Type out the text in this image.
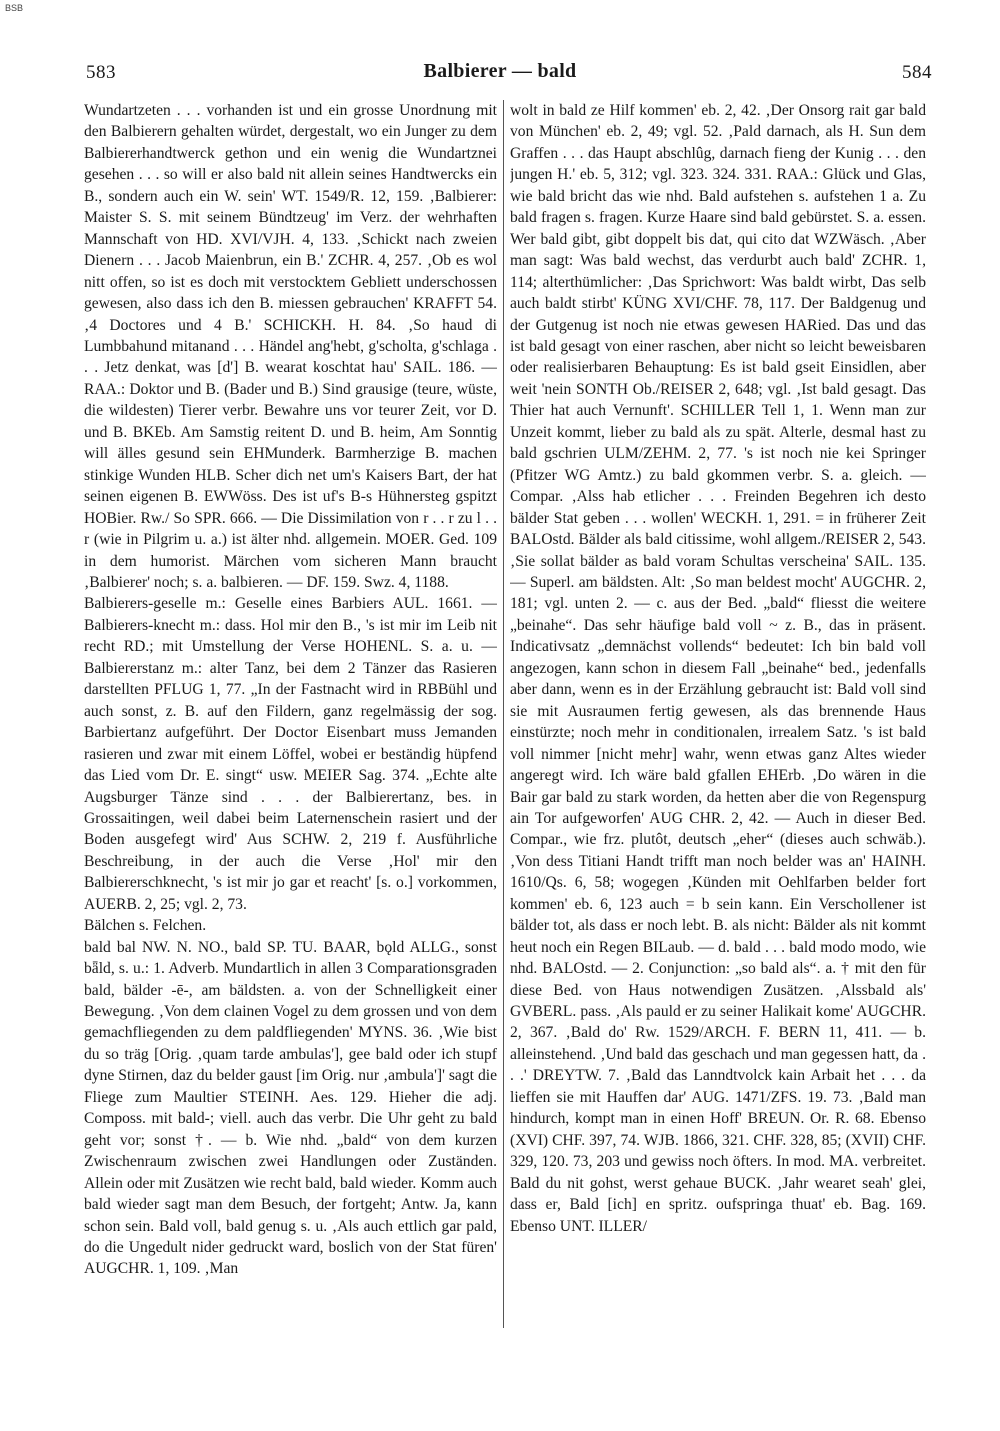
BSB
583	Balbierer — bald	584

Wundartzeten . . . vorhanden ist und ein grosse Unordnung mit den Balbierern gehalten würdet, dergestalt, wo ein Junger zu dem Balbiererhandtwerck gethon und ein wenig die Wundartznei gesehen . . . so will er also bald nit allein seines Handtwercks ein B., sondern auch ein W. sein' WT. 1549/R. 12, 159. ‚Balbierer: Maister S. S. mit seinem Bündtzeug' im Verz. der wehrhaften Mannschaft von HD. XVI/VJH. 4, 133. ‚Schickt nach zweien Dienern . . . Jacob Maienbrun, ein B.' ZCHR. 4, 257. ‚Ob es wol nitt offen, so ist es doch mit verstocktem Gebliett underschossen gewesen, also dass ich den B. miessen gebrauchen' KRAFFT 54. ‚4 Doctores und 4 B.' SCHICKH. H. 84. ‚So haud di Lumbbahund mitanand . . . Händel ang'hebt, g'scholta, g'schlaga . . . Jetz denkat, was [d'] B. wearat koschtat hau' SAIL. 186. — RAA.: Doktor und B. (Bader und B.) Sind grausige (teure, wüste, die wildesten) Tierer verbr. Bewahre uns vor teurer Zeit, vor D. und B. BKEb. Am Samstig reitent D. und B. heim, Am Sonntig will älles gesund sein EHMunderk. Barmherzige B. machen stinkige Wunden HLB. Scher dich net um's Kaisers Bart, der hat seinen eigenen B. EWWöss. Des ist uf's B-s Hühnersteg gspitzt HOBier. Rw./ So SPR. 666. — Die Dissimilation von r . . r zu l . . r (wie in Pilgrim u. a.) ist älter nhd. allgemein. MOER. Ged. 109 in dem humorist. Märchen vom sicheren Mann braucht ‚Balbierer' noch; s. a. balbieren. — DF. 159. Swz. 4, 1188.

Balbierers-geselle m.: Geselle eines Barbiers AUL. 1661. — Balbierers-knecht m.: dass. Hol mir den B., 's ist mir im Leib nit recht RD.; mit Umstellung der Verse HOHENL. S. a. u. — Balbiererstanz m.: alter Tanz, bei dem 2 Tänzer das Rasieren darstellten PFLUG 1, 77. „In der Fastnacht wird in RBBühl und auch sonst, z. B. auf den Fildern, ganz regelmässig der sog. Barbiertanz aufgeführt. Der Doctor Eisenbart muss Jemanden rasieren und zwar mit einem Löffel, wobei er beständig hüpfend das Lied vom Dr. E. singt“ usw. MEIER Sag. 374. „Echte alte Augsburger Tänze sind . . . der Balbierertanz, bes. in Grossaitingen, weil dabei beim Laternenschein rasiert und der Boden ausgefegt wird' Aus SCHW. 2, 219 f. Ausführliche Beschreibung, in der auch die Verse ‚Hol' mir den Balbiererschknecht, 's ist mir jo gar et reacht' [s. o.] vorkommen, AUERB. 2, 25; vgl. 2, 73.

Bälchen s. Felchen.

bald bal NW. N. NO., bald SP. TU. BAAR, bǫld ALLG., sonst bǟld, s. u.: 1. Adverb. Mundartlich in allen 3 Comparationsgraden bald, bälder -ē-, am bäldsten. a. von der Schnelligkeit einer Bewegung. ‚Von dem clainen Vogel zu dem grossen und von dem gemachfliegenden zu dem paldfliegenden' MYNS. 36. ‚Wie bist du so träg [Orig. ‚quam tarde ambulas'], gee bald oder ich stupf dyne Stirnen, daz du belder gaust [im Orig. nur ‚ambula']' sagt die Fliege zum Maultier STEINH. Aes. 129. Hieher die adj. Composs. mit bald-; viell. auch das verbr. Die Uhr geht zu bald geht vor; sonst †. — b. Wie nhd. „bald“ von dem kurzen Zwischenraum zwischen zwei Handlungen oder Zuständen. Allein oder mit Zusätzen wie recht bald, bald wieder. Komm auch bald wieder sagt man dem Besuch, der fortgeht; Antw. Ja, kann schon sein. Bald voll, bald genug s. u. ‚Als auch ettlich gar pald, do die Ungedult nider gedruckt ward, boslich von der Stat füren' AUGCHR. 1, 109. ‚Man

wolt in bald ze Hilf kommen' eb. 2, 42. ‚Der Onsorg rait gar bald von München' eb. 2, 49; vgl. 52. ‚Pald darnach, als H. Sun dem Graffen . . . das Haupt abschlûg, darnach fieng der Kunig . . . den jungen H.' eb. 5, 312; vgl. 323. 324. 331. RAA.: Glück und Glas, wie bald bricht das wie nhd. Bald aufstehen s. aufstehen 1 a. Zu bald fragen s. fragen. Kurze Haare sind bald gebürstet. S. a. essen. Wer bald gibt, gibt doppelt bis dat, qui cito dat WZWäsch. ‚Aber man sagt: Was bald wechst, das verdurbt auch bald' ZCHR. 1, 114; alterthümlicher: ‚Das Sprichwort: Was baldt wirbt, Das selb auch baldt stirbt' KÜNG XVI/CHF. 78, 117. Der Baldgenug und der Gutgenug ist noch nie etwas gewesen HARied. Das und das ist bald gesagt von einer raschen, aber nicht so leicht beweisbaren oder realisierbaren Behauptung: Es ist bald gseit Einsidlen, aber weit 'nein SONTH Ob./REISER 2, 648; vgl. ‚Ist bald gesagt. Das Thier hat auch Vernunft'. SCHILLER Tell 1, 1. Wenn man zur Unzeit kommt, lieber zu bald als zu spät. Alterle, desmal hast zu bald gschrien ULM/ZEHM. 2, 77. 's ist noch nie kei Springer (Pfitzer WG Amtz.) zu bald gkommen verbr. S. a. gleich. — Compar. ‚Alss hab etlicher . . . Freinden Begehren ich desto bälder Stat geben . . . wollen' WECKH. 1, 291. = in früherer Zeit BALOstd. Bälder als bald citissime, wohl allgem./REISER 2, 543. ‚Sie sollat bälder as bald voram Schultas verscheina' SAIL. 135. — Superl. am bäldsten. Alt: ‚So man beldest mocht' AUGCHR. 2, 181; vgl. unten 2. — c. aus der Bed. „bald“ fliesst die weitere „beinahe“. Das sehr häufige bald voll ~ z. B., das in präsent. Indicativsatz „demnächst vollends“ bedeutet: Ich bin bald voll angezogen, kann schon in diesem Fall „beinahe“ bed., jedenfalls aber dann, wenn es in der Erzählung gebraucht ist: Bald voll sind sie mit Ausraumen fertig gewesen, als das brennende Haus einstürzte; noch mehr in conditionalen, irrealem Satz. 's ist bald voll nimmer [nicht mehr] wahr, wenn etwas ganz Altes wieder angeregt wird. Ich wäre bald gfallen EHErb. ‚Do wären in die Bair gar bald zu stark worden, da hetten aber die von Regenspurg ain Tor aufgeworfen' AUG CHR. 2, 42. — Auch in dieser Bed. Compar., wie frz. plutôt, deutsch „eher“ (dieses auch schwäb.). ‚Von dess Titiani Handt trifft man noch belder was an' HAINH. 1610/Qs. 6, 58; wogegen ‚Künden mit Oehlfarben belder fort kommen' eb. 6, 123 auch = b sein kann. Ein Verschollener ist bälder tot, als dass er noch lebt. B. als nicht: Bälder als nit kommt heut noch ein Regen BILaub. — d. bald . . . bald modo modo, wie nhd. BALOstd. — 2. Conjunction: „so bald als“. a. † mit den für diese Bed. von Haus notwendigen Zusätzen. ‚Alssbald als' GVBERL. pass. ‚Als pauld er zu seiner Halikait kome' AUGCHR. 2, 367. ‚Bald do' Rw. 1529/ARCH. F. BERN 11, 411. — b. alleinstehend. ‚Und bald das geschach und man gegessen hatt, da . . .' DREYTW. 7. ‚Bald das Lanndtvolck kain Arbait het . . . da lieffen sie mit Hauffen dar' AUG. 1471/ZFS. 19. 73. ‚Bald man hindurch, kompt man in einen Hoff' BREUN. Or. R. 68. Ebenso (XVI) CHF. 397, 74. WJB. 1866, 321. CHF. 328, 85; (XVII) CHF. 329, 120. 73, 203 und gewiss noch öfters. In mod. MA. verbreitet. Bald du nit gohst, werst gehaue BUCK. ‚Jahr wearet seah' glei, dass er, Bald [ich] en spritz. oufspringa thuat' eb. Bag. 169. Ebenso UNT. ILLER/
